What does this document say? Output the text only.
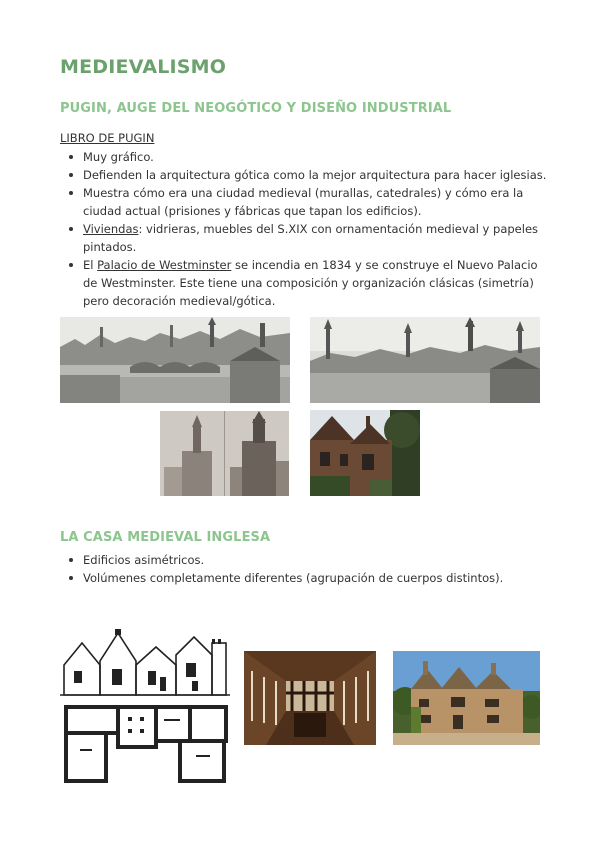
MEDIEVALISMO
PUGIN, AUGE DEL NEOGÓTICO Y DISEÑO INDUSTRIAL
LIBRO DE PUGIN
Muy gráfico.
Defienden la arquitectura gótica como la mejor arquitectura para hacer iglesias.
Muestra cómo era una ciudad medieval (murallas, catedrales) y cómo era la ciudad actual (prisiones y fábricas que tapan los edificios).
Viviendas: vidrieras, muebles del S.XIX con ornamentación medieval y papeles pintados.
El Palacio de Westminster se incendia en 1834 y se construye el Nuevo Palacio de Westminster. Este tiene una composición y organización clásicas (simetría) pero decoración medieval/gótica.
LA CASA MEDIEVAL INGLESA
Edificios asimétricos.
Volúmenes completamente diferentes (agrupación de cuerpos distintos).
